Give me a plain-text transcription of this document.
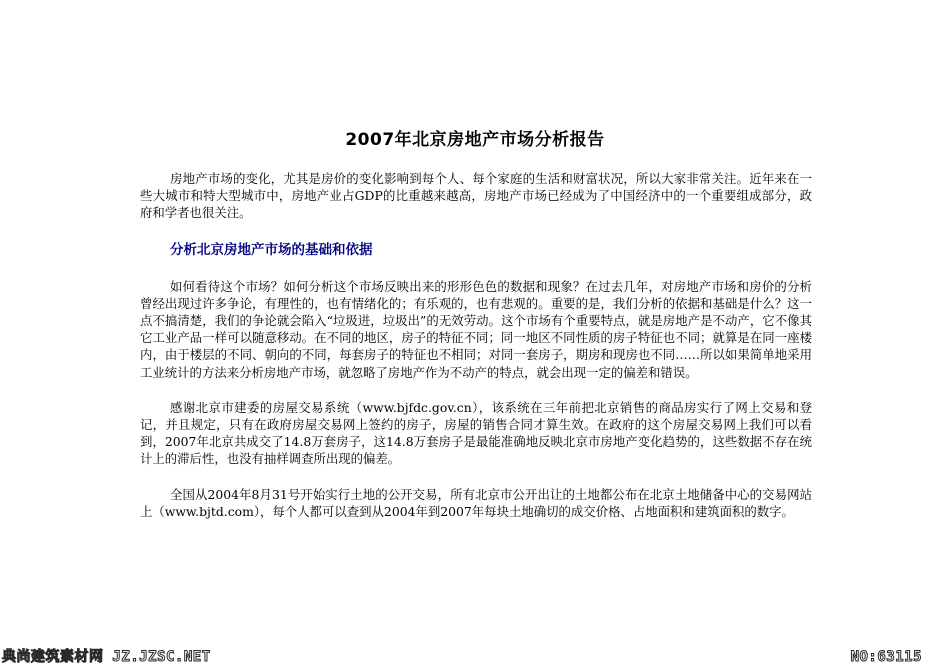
2007年北京房地产市场分析报告

房地产市场的变化，尤其是房价的变化影响到每个人、每个家庭的生活和财富状况，所以大家非常关注。近年来在一些大城市和特大型城市中，房地产业占GDP的比重越来越高，房地产市场已经成为了中国经济中的一个重要组成部分，政府和学者也很关注。

分析北京房地产市场的基础和依据

如何看待这个市场？如何分析这个市场反映出来的形形色色的数据和现象？在过去几年，对房地产市场和房价的分析曾经出现过许多争论，有理性的，也有情绪化的；有乐观的，也有悲观的。重要的是，我们分析的依据和基础是什么？这一点不搞清楚，我们的争论就会陷入“垃圾进，垃圾出”的无效劳动。这个市场有个重要特点，就是房地产是不动产，它不像其它工业产品一样可以随意移动。在不同的地区，房子的特征不同；同一地区不同性质的房子特征也不同；就算是在同一座楼内，由于楼层的不同、朝向的不同，每套房子的特征也不相同；对同一套房子，期房和现房也不同……所以如果简单地采用工业统计的方法来分析房地产市场，就忽略了房地产作为不动产的特点，就会出现一定的偏差和错误。

感谢北京市建委的房屋交易系统（www.bjfdc.gov.cn），该系统在三年前把北京销售的商品房实行了网上交易和登记，并且规定，只有在政府房屋交易网上签约的房子，房屋的销售合同才算生效。在政府的这个房屋交易网上我们可以看到，2007年北京共成交了14.8万套房子，这14.8万套房子是最能准确地反映北京市房地产变化趋势的，这些数据不存在统计上的滞后性，也没有抽样调查所出现的偏差。

全国从2004年8月31号开始实行土地的公开交易，所有北京市公开出让的土地都公布在北京土地储备中心的交易网站上（www.bjtd.com），每个人都可以查到从2004年到2007年每块土地确切的成交价格、占地面积和建筑面积的数字。

典尚建筑素材网 JZ.JZSC.NET	NO:63115
